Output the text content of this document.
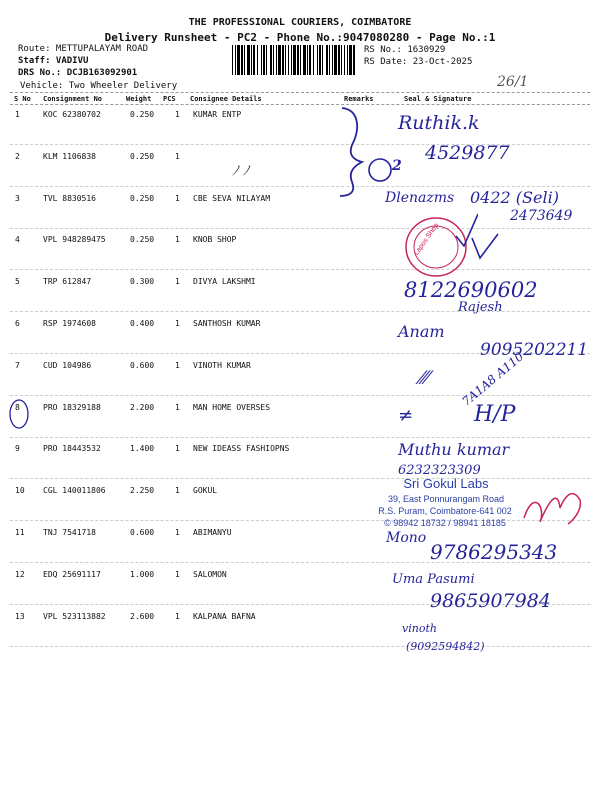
THE PROFESSIONAL COURIERS, COIMBATORE
Delivery Runsheet - PC2 - Phone No.:9047080280 - Page No.:1
Route: METTUPALAYAM ROAD
Staff: VADIVU
DRS No.: DCJB163092901
Vehicle: Two Wheeler Delivery
RS No.: 1630929
RS Date: 23-Oct-2025
26/1
S No Consignment No	Weight PCS Consignee Details	Remarks	Seal & Signature
1	KOC 62380702	0.250	1 KUMAR ENTP
2	KLM 1106838	0.250	1
3	TVL 8830516	0.250	1 CBE SEVA NILAYAM
4	VPL 948289475	0.250	1 KNOB SHOP
5	TRP 612847	0.300	1 DIVYA LAKSHMI
6	RSP 1974608	0.400	1 SANTHOSH KUMAR
7	CUD 104986	0.600	1 VINOTH KUMAR
8	PRO 18329188	2.200	1 MAN HOME OVERSES
9	PRO 18443532	1.400	1 NEW IDEASS FASHIOPNS
10 CGL 140011806	2.250	1 GOKUL
11 TNJ 7541718	0.600	1 ABIMANYU
12 EDQ 25691117	1.000	1 SALOMON
13 VPL 523113882	2.600	1 KALPANA BAFNA
2
Ruthik.k
4529877
ﾉ ﾉ
Dlenazms 0422 (Seli)
2473649
Lapos Shop
8122690602
Rajesh
Anam
9095202211
⁄⁄⁄	7A1A8 A110
≠	H/P
Muthu kumar
6232323309
Sri Gokul Labs
39, East Ponnurangam Road
R.S. Puram, Coimbatore-641 002
© 98942 18732 / 98941 18185
Mono
9786295343
Uma Pasumi
9865907984
vinoth
(9092594842)
